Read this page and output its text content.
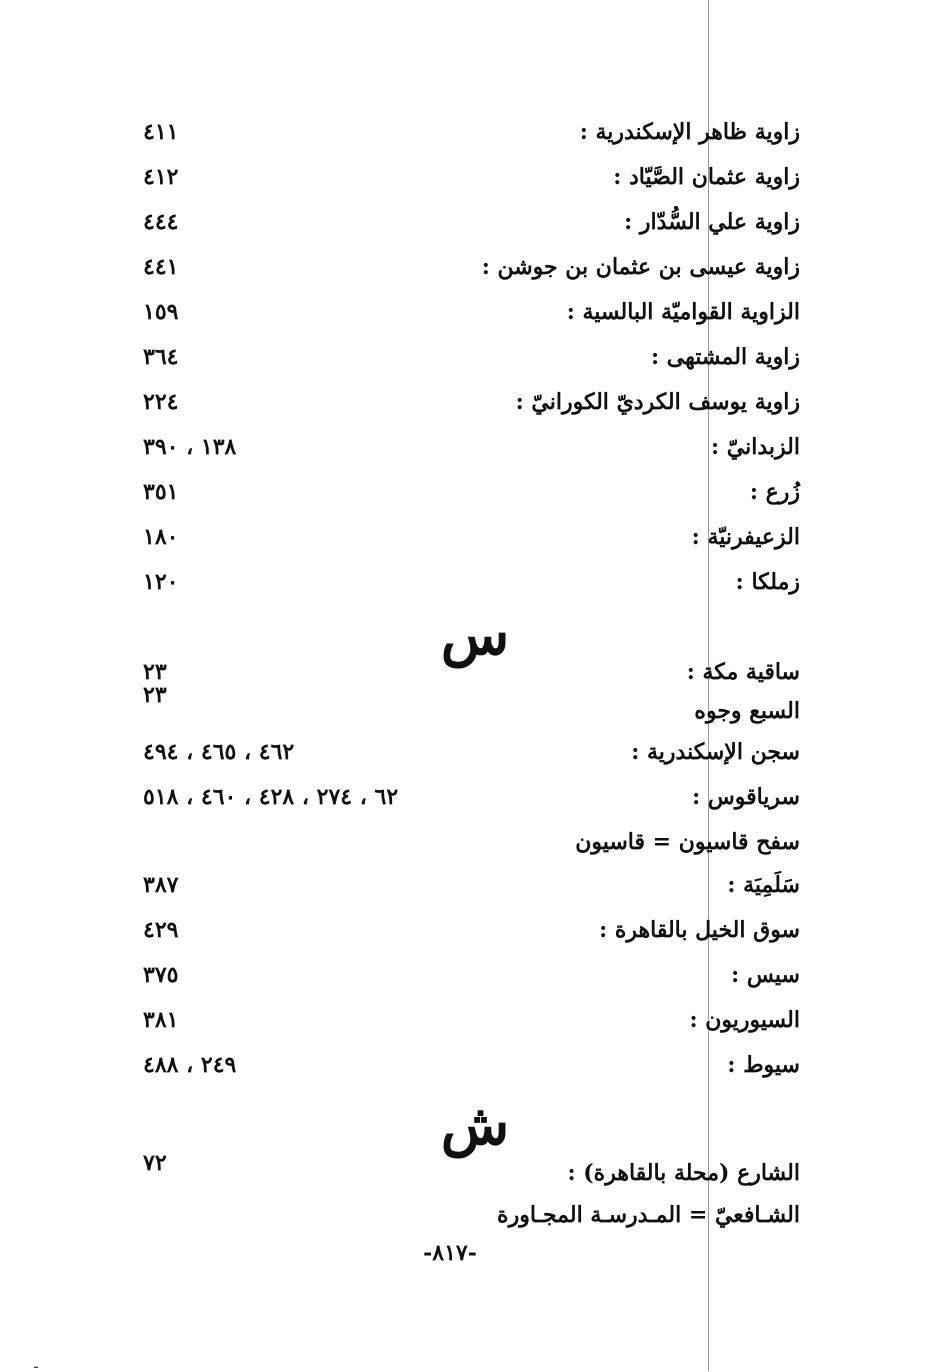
زاوية ظاهر الإسكندرية :
٤١١
زاوية عثمان الصَّيّاد :
٤١٢
زاوية علي السُّدّار :
٤٤٤
زاوية عيسى بن عثمان بن جوشن :
٤٤١
الزاوية القواميّة البالسية :
١٥٩
زاوية المشتهى :
٣٦٤
زاوية يوسف الكرديّ الكورانيّ :
٢٢٤
الزبدانيّ :
١٣٨ ، ٣٩٠
زُرع :
٣٥١
الزعيفرنيّة :
١٨٠
زملكا :
١٢٠
س
ساقية مكة :
٢٣
السبع وجوه
٢٣
سجن الإسكندرية :
٤٦٢ ، ٤٦٥ ، ٤٩٤
سرياقوس :
٦٢ ، ٢٧٤ ، ٤٢٨ ، ٤٦٠ ، ٥١٨
سفح قاسيون = قاسيون
سَلَمِيَة :
٣٨٧
سوق الخيل بالقاهرة :
٤٢٩
سيس :
٣٧٥
السيوريون :
٣٨١
سيوط :
٢٤٩ ، ٤٨٨
ش
الشارع (محلة بالقاهرة) :
٧٢
الشـافعيّ = المـدرسـة المجـاورة
-٨١٧-
ـ
